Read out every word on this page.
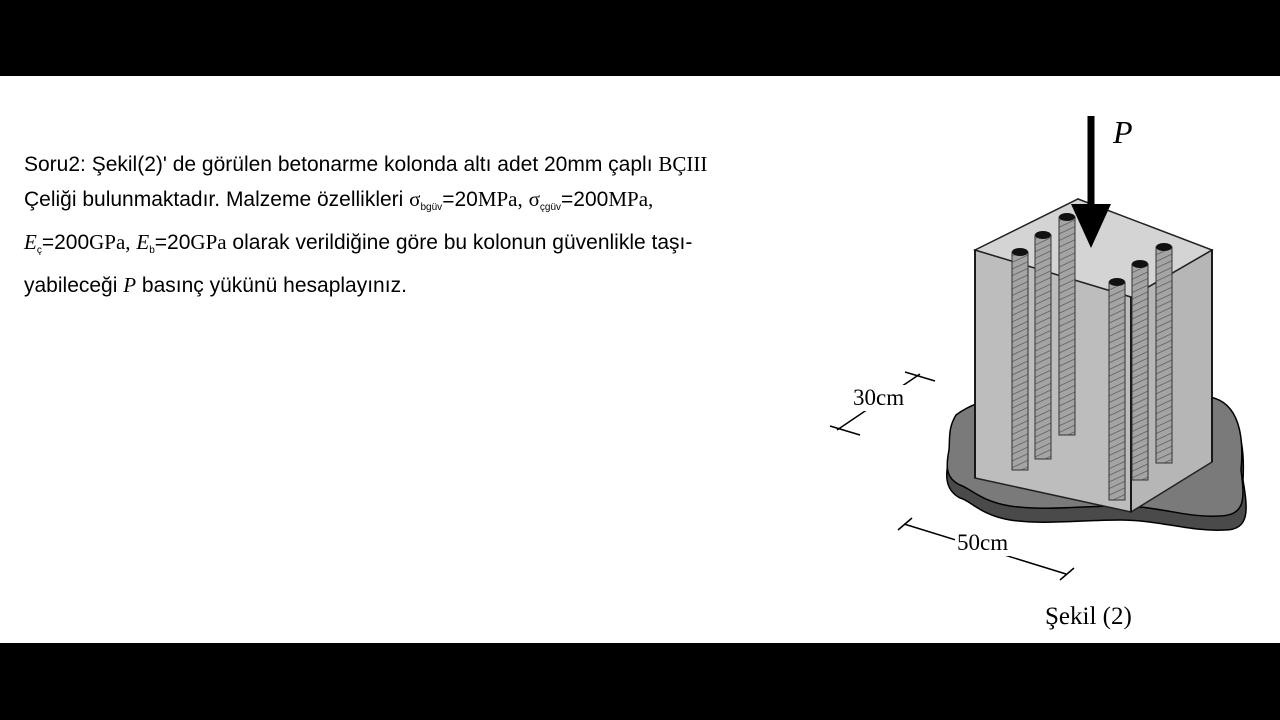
Soru2: Şekil(2)' de görülen betonarme kolonda altı adet 20mm çaplı BÇIII
Çeliği bulunmaktadır. Malzeme özellikleri $\sigma_{bgüv}=20MPa$, $\sigma_{çgüv}=200MPa$,
$E_ç=200GPa$, $E_b=20GPa$ olarak verildiğine göre bu kolonun güvenlikle taşı-
yabileceği P basınç yükünü hesaplayınız.
P
30cm
50cm
Şekil (2)
